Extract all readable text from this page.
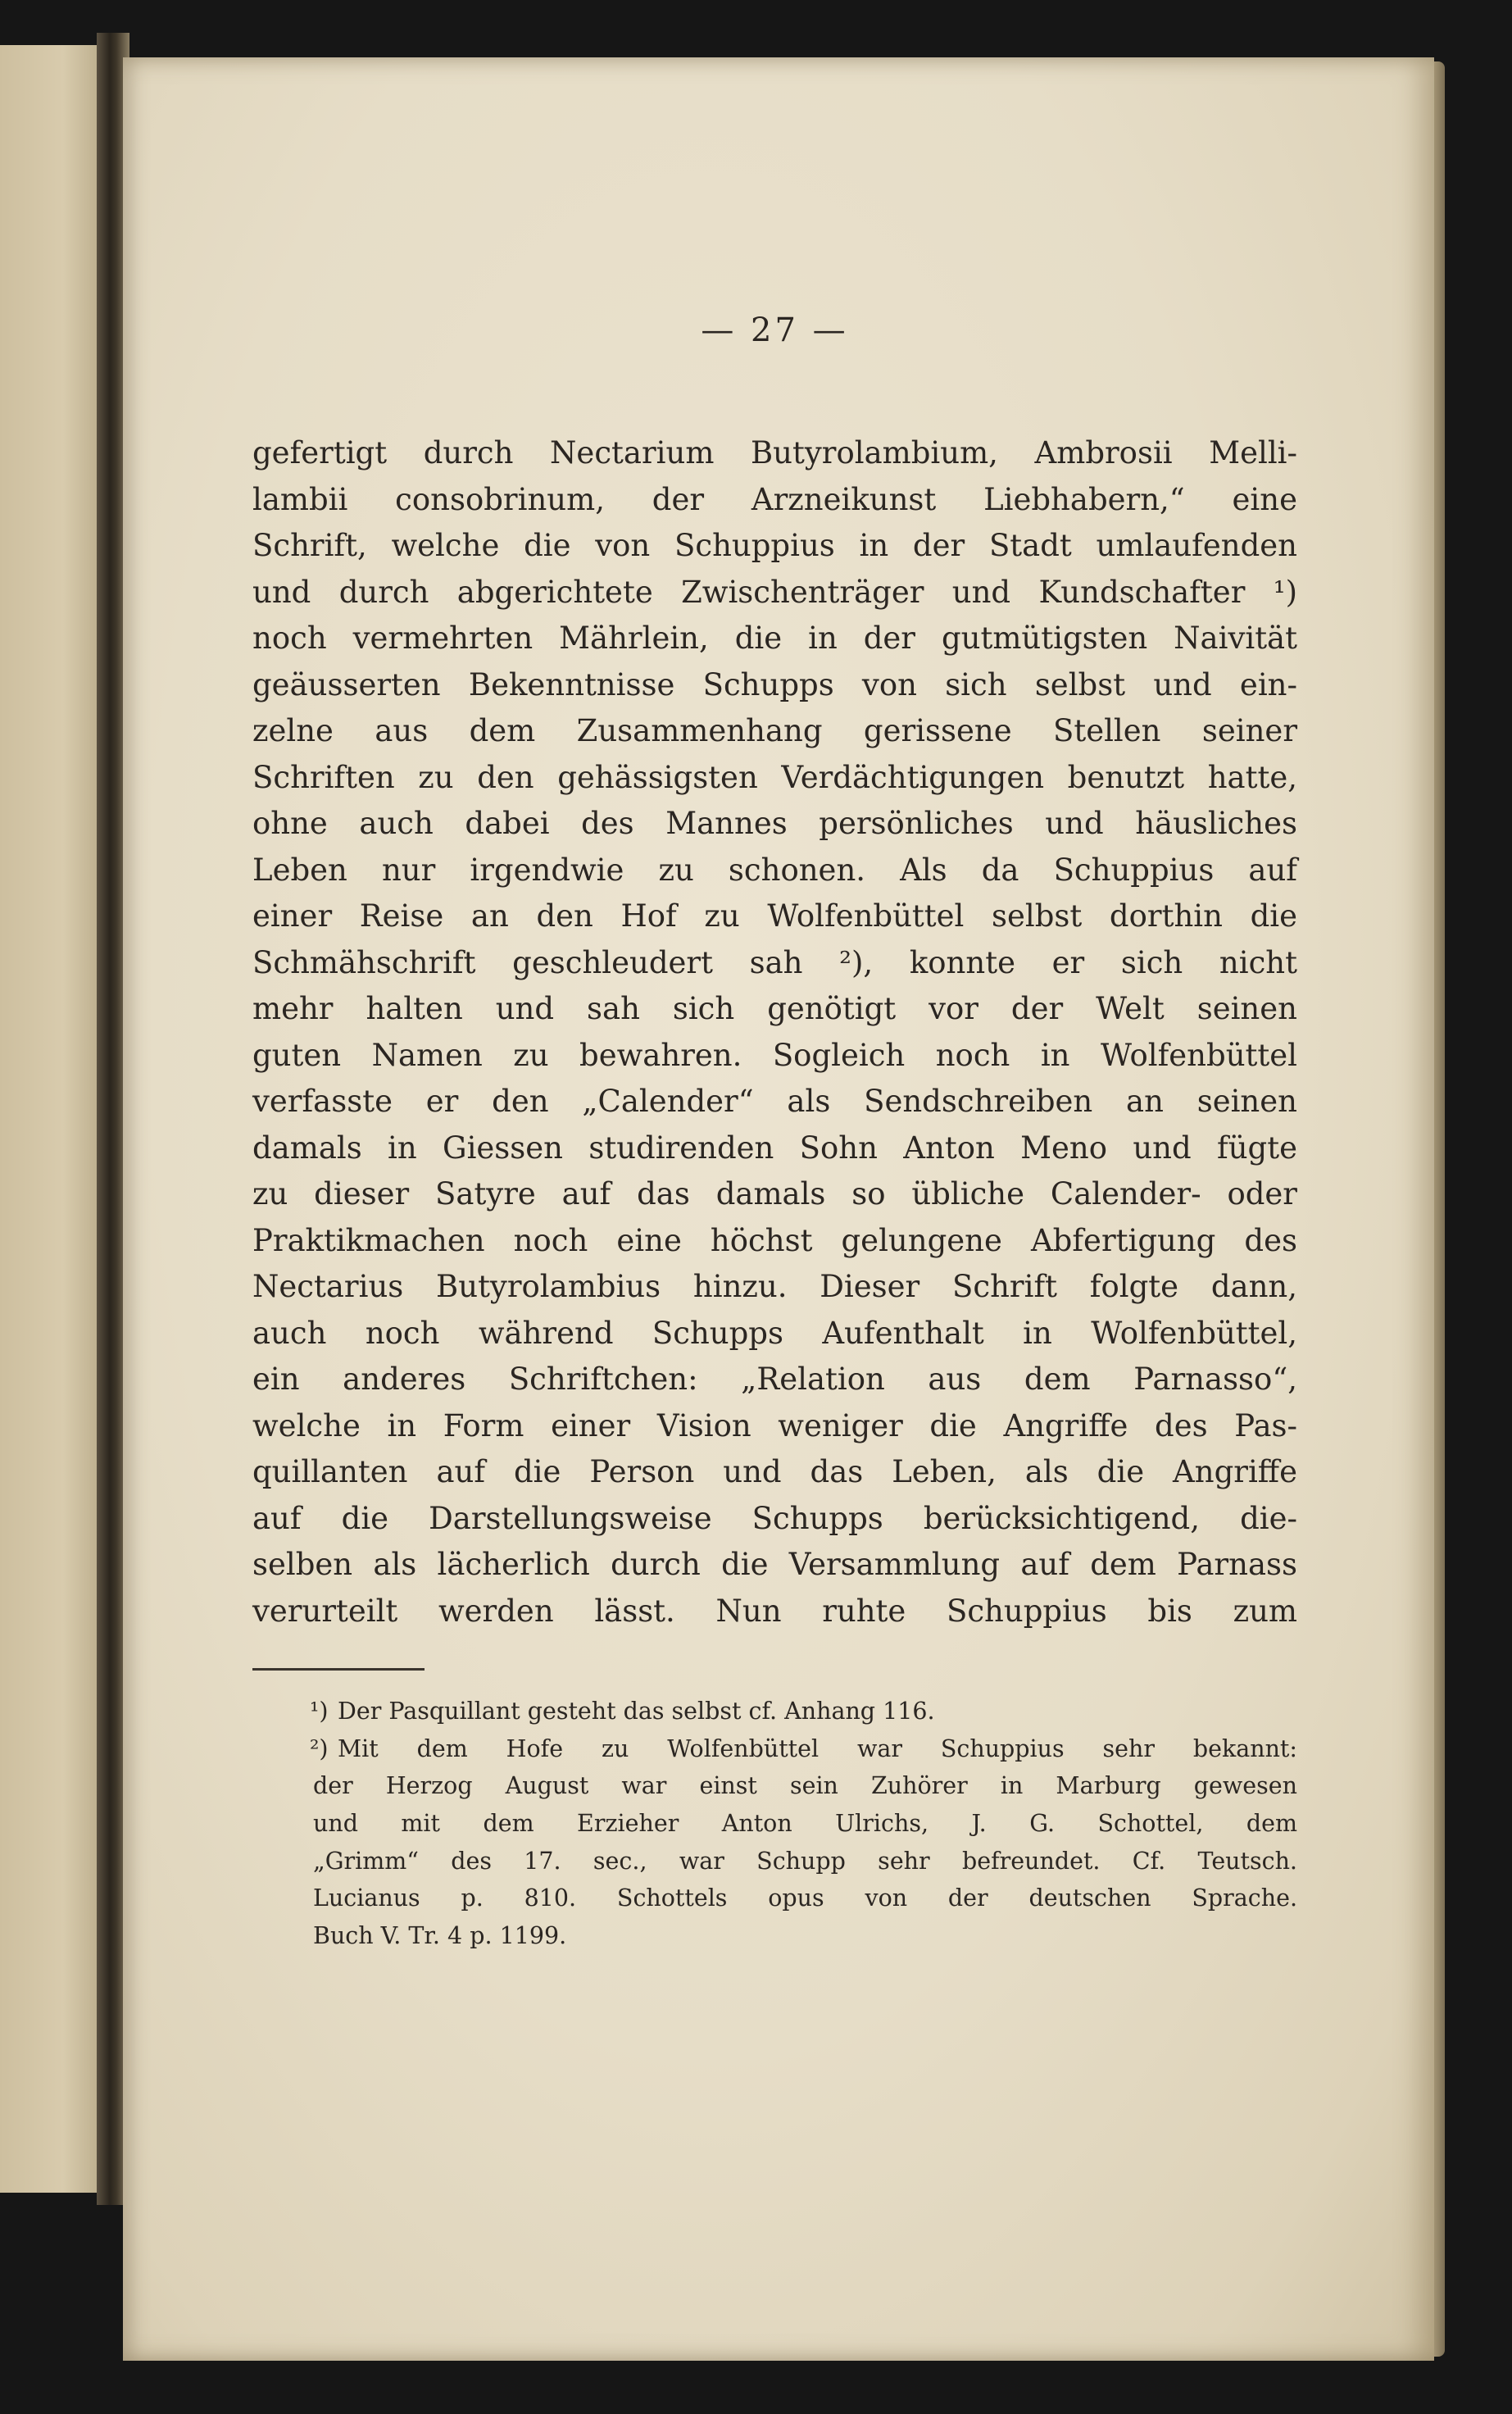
— 27 —
gefertigt durch Nectarium Butyrolambium, Ambrosii Melli-
lambii consobrinum, der Arzneikunst Liebhabern,“ eine
Schrift, welche die von Schuppius in der Stadt umlaufenden
und durch abgerichtete Zwischenträger und Kundschafter ¹)
noch vermehrten Mährlein, die in der gutmütigsten Naivität
geäusserten Bekenntnisse Schupps von sich selbst und ein-
zelne aus dem Zusammenhang gerissene Stellen seiner
Schriften zu den gehässigsten Verdächtigungen benutzt hatte,
ohne auch dabei des Mannes persönliches und häusliches
Leben nur irgendwie zu schonen. Als da Schuppius auf
einer Reise an den Hof zu Wolfenbüttel selbst dorthin die
Schmähschrift geschleudert sah ²), konnte er sich nicht
mehr halten und sah sich genötigt vor der Welt seinen
guten Namen zu bewahren. Sogleich noch in Wolfenbüttel
verfasste er den „Calender“ als Sendschreiben an seinen
damals in Giessen studirenden Sohn Anton Meno und fügte
zu dieser Satyre auf das damals so übliche Calender- oder
Praktikmachen noch eine höchst gelungene Abfertigung des
Nectarius Butyrolambius hinzu. Dieser Schrift folgte dann,
auch noch während Schupps Aufenthalt in Wolfenbüttel,
ein anderes Schriftchen: „Relation aus dem Parnasso“,
welche in Form einer Vision weniger die Angriffe des Pas-
quillanten auf die Person und das Leben, als die Angriffe
auf die Darstellungsweise Schupps berücksichtigend, die-
selben als lächerlich durch die Versammlung auf dem Parnass
verurteilt werden lässt. Nun ruhte Schuppius bis zum
¹) Der Pasquillant gesteht das selbst cf. Anhang 116.
²) Mit dem Hofe zu Wolfenbüttel war Schuppius sehr bekannt:
der Herzog August war einst sein Zuhörer in Marburg gewesen
und mit dem Erzieher Anton Ulrichs, J. G. Schottel, dem
„Grimm“ des 17. sec., war Schupp sehr befreundet. Cf. Teutsch.
Lucianus p. 810. Schottels opus von der deutschen Sprache.
Buch V. Tr. 4 p. 1199.
